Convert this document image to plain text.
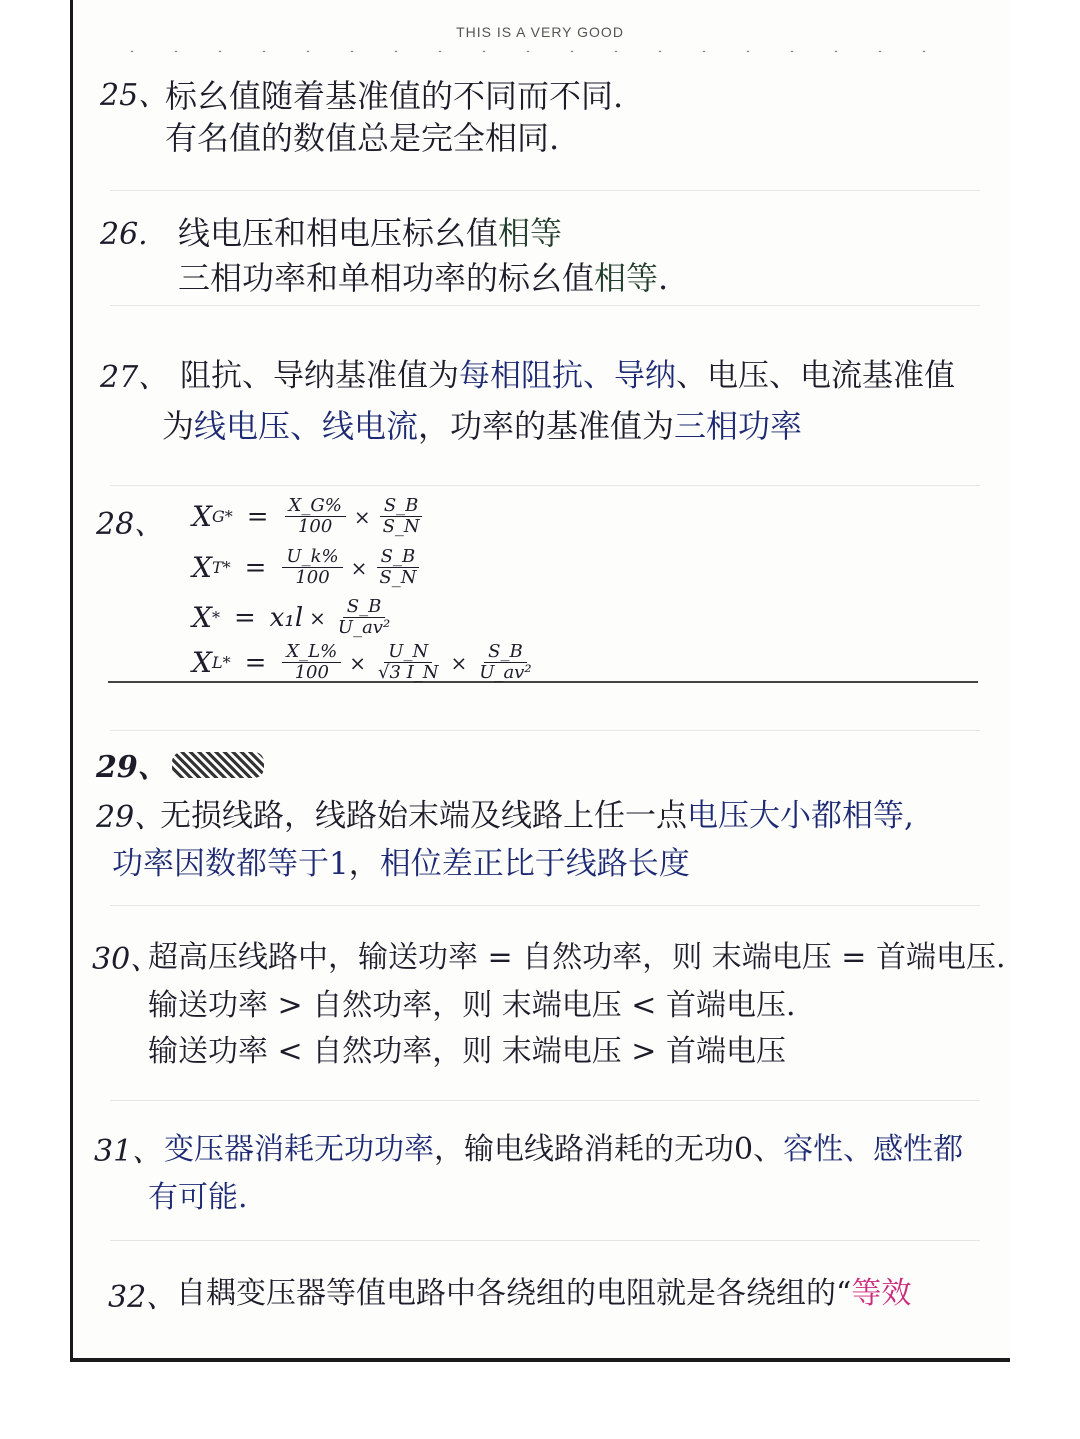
THIS IS A VERY GOOD
25、
标幺值随着基准值的不同而不同.
有名值的数值总是完全相同.
26. 线电压和相电压标幺值相等
三相功率和单相功率的标幺值相等.
27、 阻抗、导纳基准值为每相阻抗、导纳、电压、电流基准值
为线电压、线电流，功率的基准值为三相功率
28、 X $G* = \frac{X\_G\%}{100} \times \frac{S\_B}{S\_N}$
X $T* = \frac{U\_k\%}{100} \times \frac{S\_B}{S\_N}$
X * = $x_1l \times \frac{S\_B}{\text{U\_av²}}$
X $L* = \frac{X\_L\%}{100} \times \frac{U\_N}{√3 I\_N} \times \frac{S\_B}{\text{U\_av²}}$
29、
29、
无损线路，线路始末端及线路上任一点电压大小都相等,
功率因数都等于1，相位差正比于线路长度
30、
超高压线路中，输送功率 = 自然功率，则 末端电压 = 首端电压.
输送功率 > 自然功率，则 末端电压 < 首端电压.
输送功率 < 自然功率，则 末端电压 > 首端电压
31、 变压器消耗无功功率，输电线路消耗的无功0、容性、感性都
有可能.
32、 自耦变压器等值电路中各绕组的电阻就是各绕组的“等效
